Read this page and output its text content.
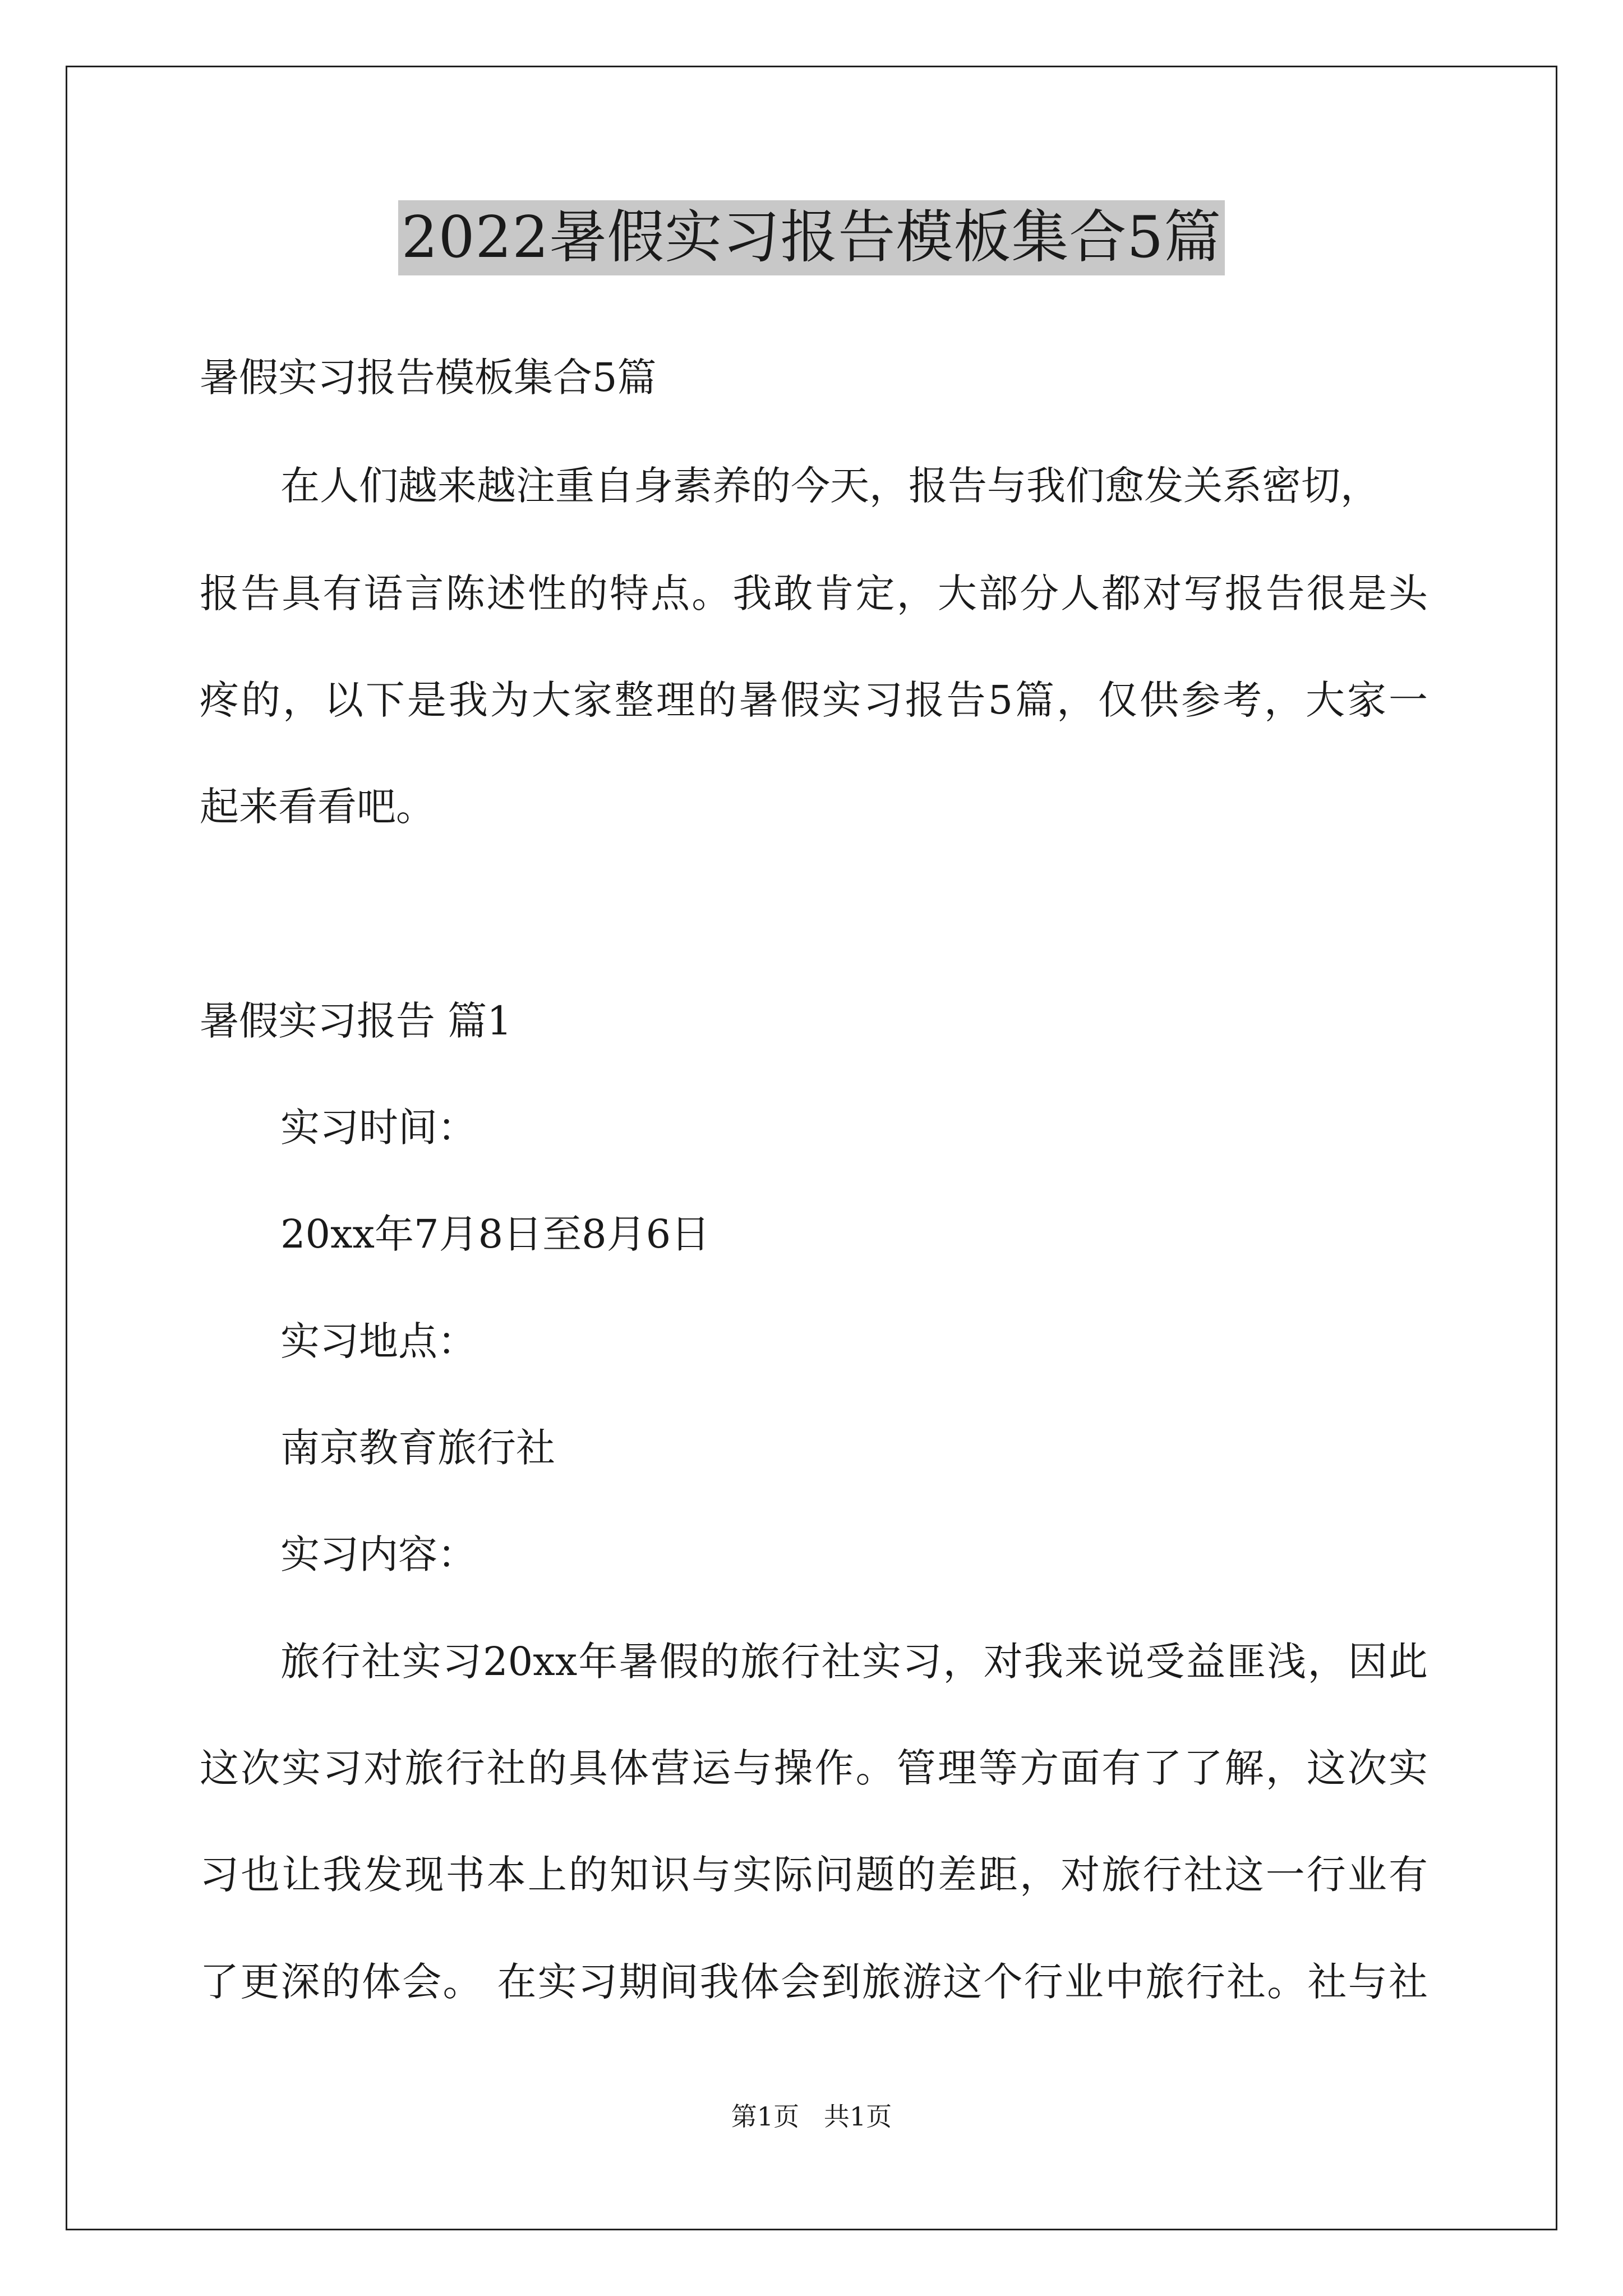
2022暑假实习报告模板集合5篇
暑假实习报告模板集合5篇
在人们越来越注重自身素养的今天，报告与我们愈发关系密切，
报告具有语言陈述性的特点。我敢肯定，大部分人都对写报告很是头
疼的，以下是我为大家整理的暑假实习报告5篇，仅供参考，大家一
起来看看吧。
暑假实习报告 篇1
实习时间：
20xx年7月8日至8月6日
实习地点：
南京教育旅行社
实习内容：
旅行社实习20xx年暑假的旅行社实习，对我来说受益匪浅，因此
这次实习对旅行社的具体营运与操作。管理等方面有了了解，这次实
习也让我发现书本上的知识与实际问题的差距，对旅行社这一行业有
了更深的体会。 在实习期间我体会到旅游这个行业中旅行社。社与社
第1页   共1页
